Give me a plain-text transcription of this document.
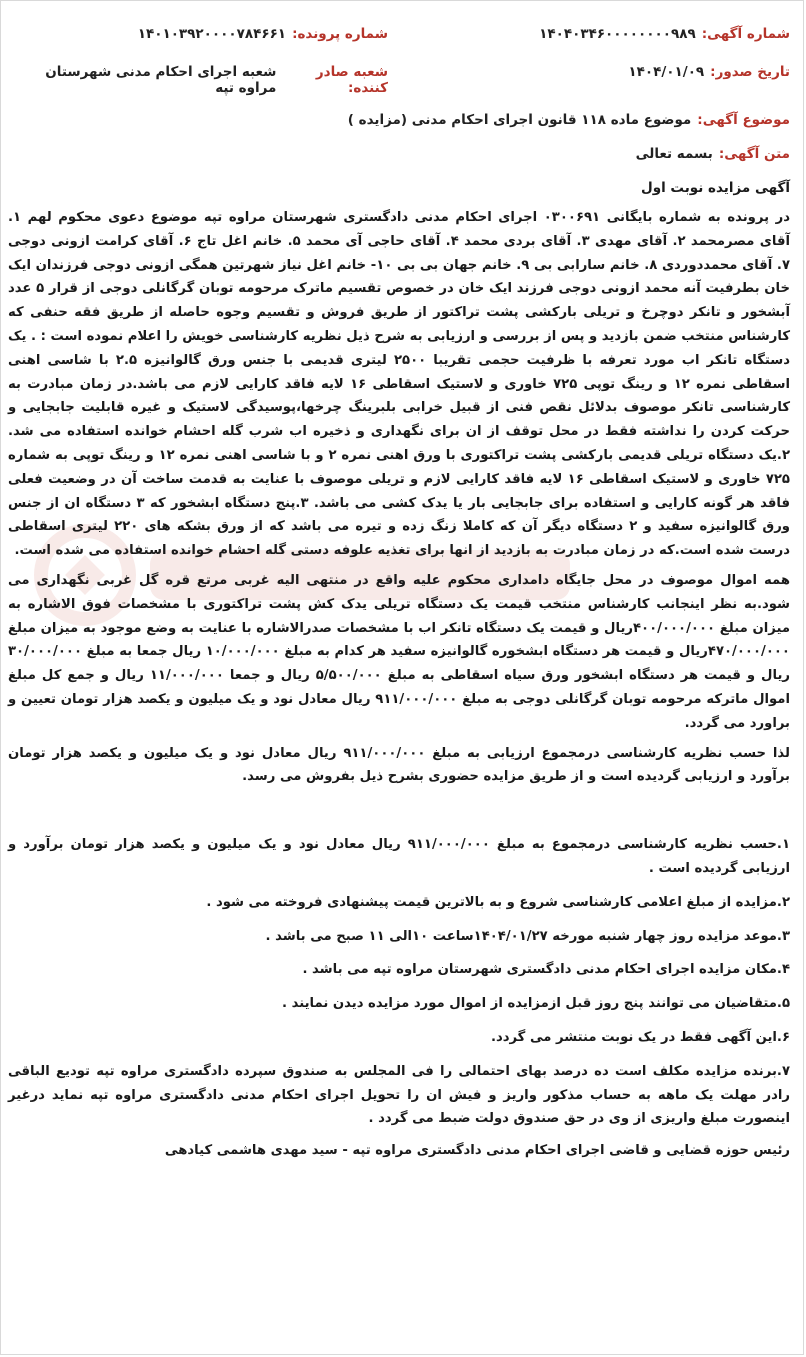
شماره آگهی:
۱۴۰۴۰۳۴۶۰۰۰۰۰۰۰۰۹۸۹
شماره پرونده:
۱۴۰۱۰۳۹۲۰۰۰۰۷۸۴۶۶۱
تاریخ صدور:
۱۴۰۴/۰۱/۰۹
شعبه صادر کننده:
شعبه اجرای احکام مدنی شهرستان مراوه تپه
موضوع آگهی:
موضوع ماده ۱۱۸ قانون اجرای احکام مدنی (مزایده )
متن آگهی:
بسمه تعالی
آگهی مزایده نوبت اول

در پرونده به شماره بایگانی ۰۳۰۰۶۹۱ اجرای احکام مدنی دادگستری شهرستان مراوه تپه موضوع دعوی محکوم لهم ۱. آقای مصرمحمد ۲. آقای مهدی ۳. آقای بردی محمد ۴. آقای حاجی آی محمد ۵. خانم اغل تاج ۶. آقای کرامت ازونی دوجی ۷. آقای محمددوردی ۸. خانم سارابی بی ۹. خانم جهان بی بی ۱۰- خانم اغل نیاز شهرتین همگی ازونی دوجی فرزندان ایک خان بطرفیت آنه محمد ازونی دوجی فرزند ایک خان در خصوص تقسیم ماترک مرحومه توبان گرگانلی دوجی از قرار ۵ عدد آبشخور و تانکر دوچرخ و تریلی بارکشی پشت تراکتور از طریق فروش و تقسیم وجوه حاصله از طریق فقه حنفی که کارشناس منتخب ضمن بازدید و پس از بررسی و ارزیابی به شرح ذیل نظریه کارشناسی خویش را اعلام نموده است : . یک دستگاه تانکر اب مورد تعرفه با ظرفیت حجمی تقریبا ۲۵۰۰ لیتری قدیمی با جنس ورق گالوانیزه ۲.۵ با شاسی اهنی اسقاطی نمره ۱۲ و رینگ توپی ۷۲۵ خاوری و لاستیک اسقاطی ۱۶ لایه فاقد کارایی لازم می باشد.در زمان مبادرت به کارشناسی تانکر موصوف بدلائل نقص فنی از قبیل خرابی بلبرینگ چرخها،پوسیدگی لاستیک و غیره قابلیت جابجایی و حرکت کردن را نداشته فقط در محل توقف از ان برای نگهداری و ذخیره اب شرب گله احشام خوانده استفاده می شد. ۲.یک دستگاه تریلی قدیمی بارکشی پشت تراکتوری با ورق اهنی نمره ۲ و با شاسی اهنی نمره ۱۲ و رینگ توپی به شماره ۷۲۵ خاوری و لاستیک اسقاطی ۱۶ لایه فاقد کارایی لازم و تریلی موصوف با عنایت به قدمت ساخت آن در وضعیت فعلی فاقد هر گونه کارایی و استفاده برای جابجایی بار یا یدک کشی می باشد. ۳.پنج دستگاه ابشخور که ۳ دستگاه ان از جنس ورق گالوانیزه سفید و ۲ دستگاه دیگر آن که کاملا زنگ زده و تیره می باشد که از ورق بشکه های ۲۲۰ لیتری اسقاطی درست شده است.که در زمان مبادرت به بازدید از انها برای تغذیه علوفه دستی گله احشام خوانده استفاده می شده است.

همه اموال موصوف در محل جایگاه دامداری محکوم علیه واقع در منتهی الیه غربی مرتع قره گل غربی نگهداری می شود.به نظر اینجانب کارشناس منتخب قیمت یک دستگاه تریلی یدک کش پشت تراکتوری با مشخصات فوق الاشاره به میزان مبلغ ۴۰۰/۰۰۰/۰۰۰ریال و قیمت یک دستگاه تانکر اب با مشخصات صدرالاشاره با عنایت به وضع موجود به میزان مبلغ ۴۷۰/۰۰۰/۰۰۰ریال و قیمت هر دستگاه ابشخوره گالوانیزه سفید هر کدام به مبلغ ۱۰/۰۰۰/۰۰۰ ریال جمعا به مبلغ ۳۰/۰۰۰/۰۰۰ ریال و قیمت هر دستگاه ابشخور ورق سیاه اسقاطی به مبلغ ۵/۵۰۰/۰۰۰ ریال و جمعا ۱۱/۰۰۰/۰۰۰ ریال و جمع کل مبلغ اموال ماترکه مرحومه توبان گرگانلی دوجی به مبلغ ۹۱۱/۰۰۰/۰۰۰ ریال معادل نود و یک میلیون و یکصد هزار تومان تعیین و براورد می گردد.

لذا حسب نظریه کارشناسی درمجموع ارزیابی به مبلغ ۹۱۱/۰۰۰/۰۰۰ ریال معادل نود و یک میلیون و یکصد هزار تومان برآورد و ارزیابی گردیده است و از طریق مزایده حضوری بشرح ذیل بفروش می رسد.

۱.حسب نظریه کارشناسی درمجموع به مبلغ ۹۱۱/۰۰۰/۰۰۰ ریال معادل نود و یک میلیون و یکصد هزار تومان برآورد و ارزیابی گردیده است .

۲.مزایده از مبلغ اعلامی کارشناسی شروع و به بالاترین قیمت پیشنهادی فروخته می شود .

۳.موعد مزایده روز چهار شنبه مورخه ۱۴۰۴/۰۱/۲۷ساعت ۱۰الی ۱۱ صبح می باشد .

۴.مکان مزایده اجرای احکام مدنی دادگستری شهرستان مراوه تپه می باشد .

۵.متقاضیان می توانند پنج روز قبل ازمزایده از اموال مورد مزایده دیدن نمایند .

۶.این آگهی فقط در یک نوبت منتشر می گردد.

۷.برنده مزایده مکلف است ده درصد بهای احتمالی را فی المجلس به صندوق سپرده دادگستری مراوه تپه توديع الباقی رادر مهلت یک ماهه به حساب مذکور واریز و فیش ان را تحویل اجرای احکام مدنی دادگستری مراوه تپه نماید درغیر اینصورت مبلغ واریزی از وی در حق صندوق دولت ضبط می گردد .

رئیس حوزه قضایی و قاضی اجرای احکام مدنی دادگستری مراوه تپه - سید مهدی هاشمی کیادهی
